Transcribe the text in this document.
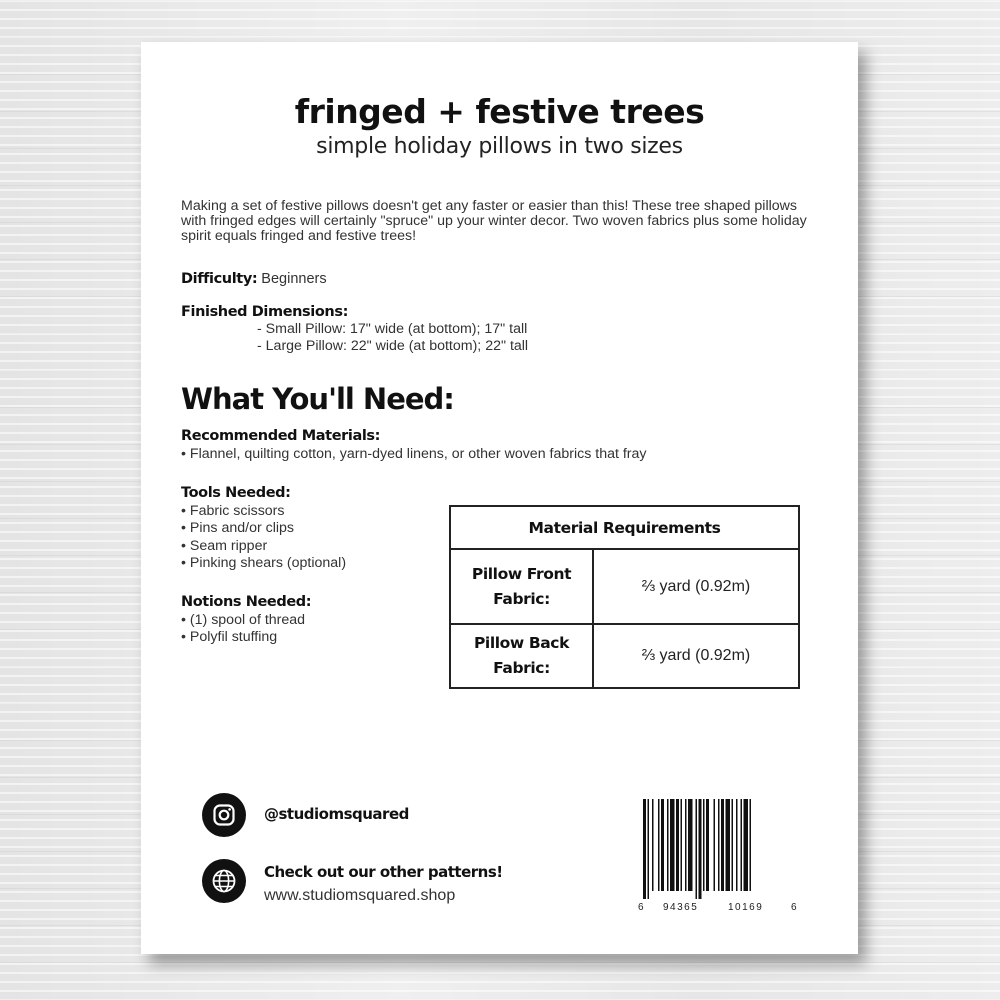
fringed + festive trees
simple holiday pillows in two sizes
Making a set of festive pillows doesn't get any faster or easier than this! These tree shaped pillows with fringed edges will certainly "spruce" up your winter decor. Two woven fabrics plus some holiday spirit equals fringed and festive trees!
Difficulty: Beginners
Finished Dimensions:
- Small Pillow: 17" wide (at bottom); 17" tall
- Large Pillow: 22" wide (at bottom); 22" tall
What You'll Need:
Recommended Materials:
• Flannel, quilting cotton, yarn-dyed linens, or other woven fabrics that fray
Tools Needed:
• Fabric scissors
• Pins and/or clips
• Seam ripper
• Pinking shears (optional)
Notions Needed:
• (1) spool of thread
• Polyfil stuffing
Material Requirements
Pillow Front
Fabric:
⅔ yard (0.92m)
Pillow Back
Fabric:
⅔ yard (0.92m)
@studiomsquared
Check out our other patterns!
www.studiomsquared.shop
6 94365	10169	6
